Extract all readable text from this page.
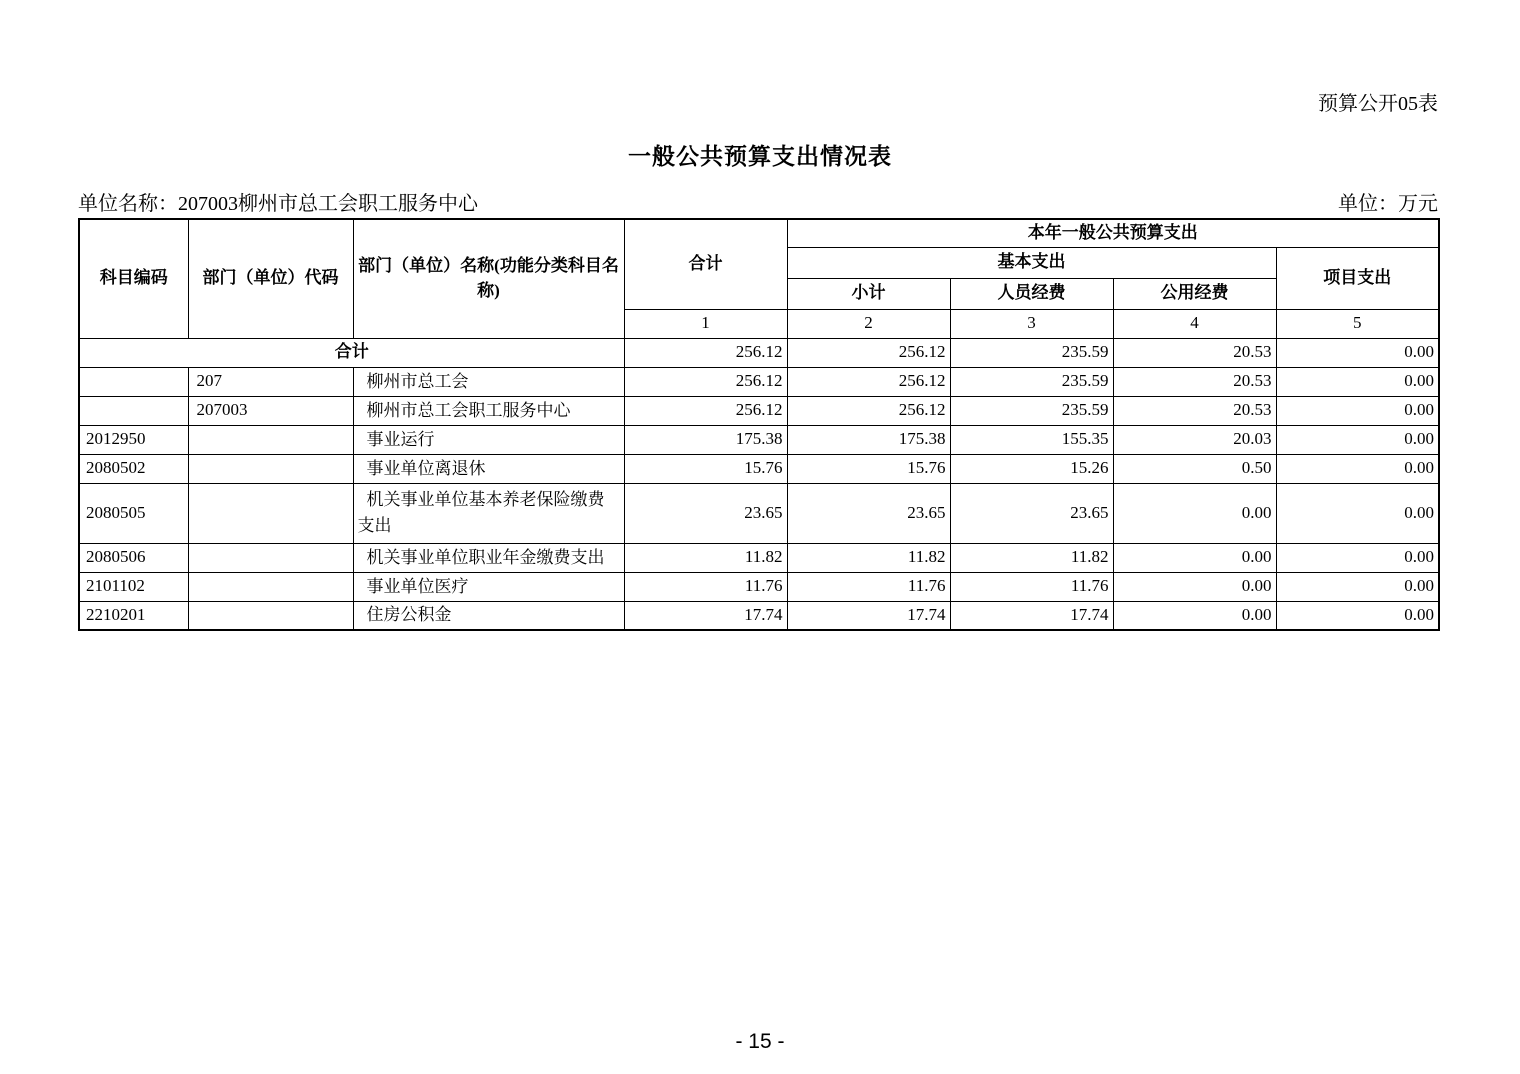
预算公开05表
一般公共预算支出情况表
单位名称：207003柳州市总工会职工服务中心	单位：万元
科目编码	部门（单位）代码	部门（单位）名称(功能分类科目名称)	合计	本年一般公共预算支出			
				基本支出			项目支出
				小计	人员经费	公用经费	
			1	2	3	4	5
合计			256.12	256.12	235.59	20.53	0.00
	207	柳州市总工会	256.12	256.12	235.59	20.53	0.00
	207003	柳州市总工会职工服务中心	256.12	256.12	235.59	20.53	0.00
2012950		事业运行	175.38	175.38	155.35	20.03	0.00
2080502		事业单位离退休	15.76	15.76	15.26	0.50	0.00
2080505		机关事业单位基本养老保险缴费支出	23.65	23.65	23.65	0.00	0.00
2080506		机关事业单位职业年金缴费支出	11.82	11.82	11.82	0.00	0.00
2101102		事业单位医疗	11.76	11.76	11.76	0.00	0.00
2210201		住房公积金	17.74	17.74	17.74	0.00	0.00
- 15 -
